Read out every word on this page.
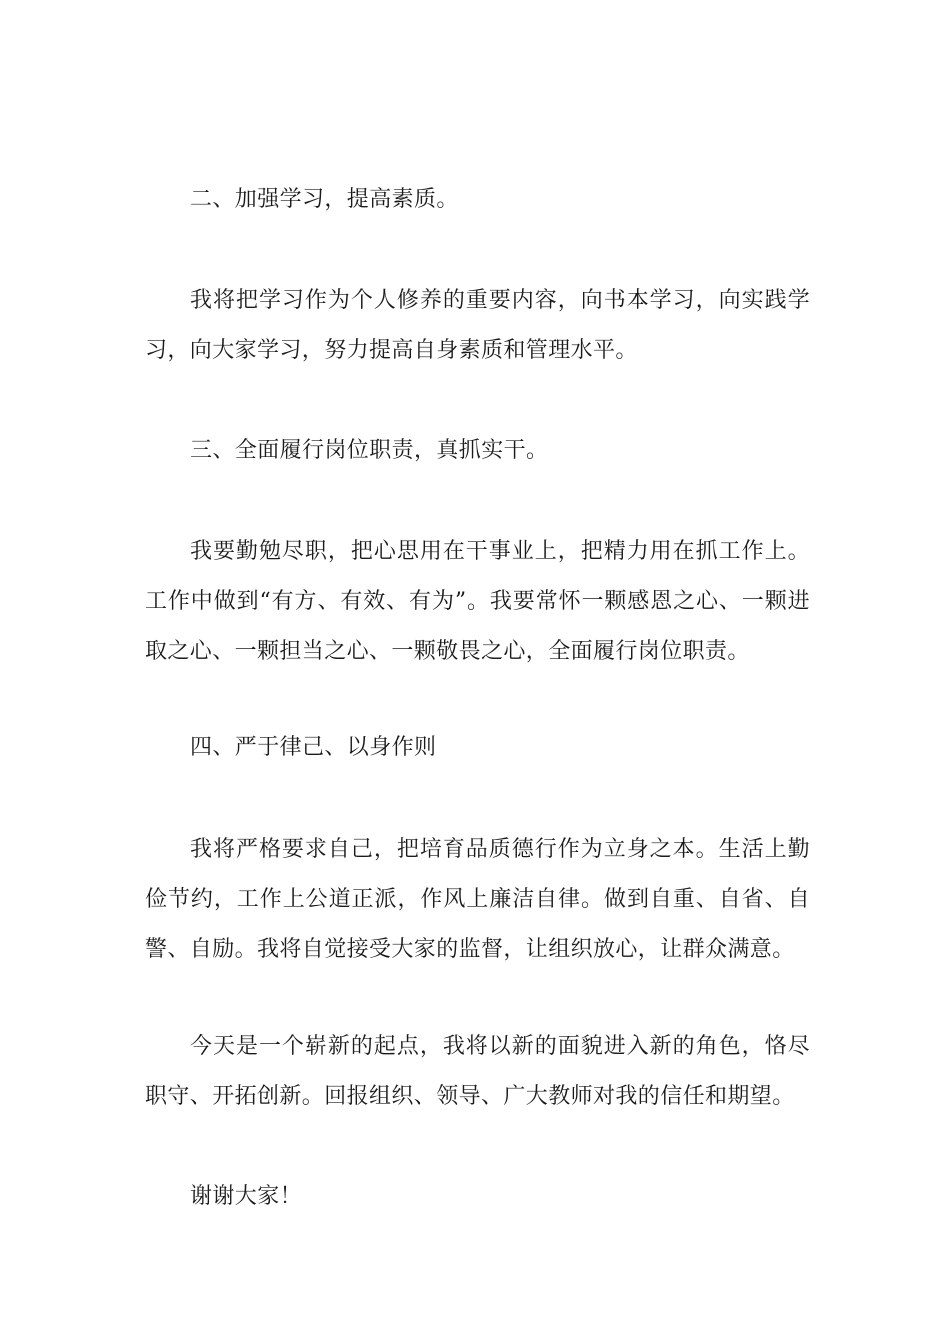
二、加强学习，提高素质。

我将把学习作为个人修养的重要内容，向书本学习，向实践学习，向大家学习，努力提高自身素质和管理水平。

三、全面履行岗位职责，真抓实干。

我要勤勉尽职，把心思用在干事业上，把精力用在抓工作上。工作中做到“有方、有效、有为”。我要常怀一颗感恩之心、一颗进取之心、一颗担当之心、一颗敬畏之心，全面履行岗位职责。

四、严于律己、以身作则

我将严格要求自己，把培育品质德行作为立身之本。生活上勤俭节约，工作上公道正派，作风上廉洁自律。做到自重、自省、自警、自励。我将自觉接受大家的监督，让组织放心，让群众满意。

今天是一个崭新的起点，我将以新的面貌进入新的角色，恪尽职守、开拓创新。回报组织、领导、广大教师对我的信任和期望。

谢谢大家！
